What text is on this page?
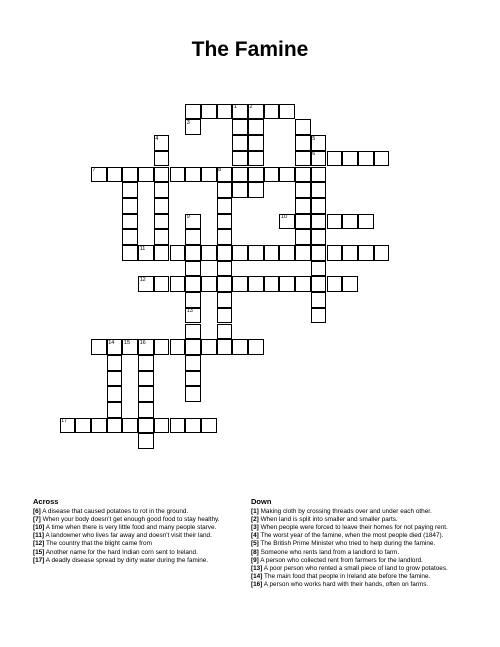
The Famine
1 2
3
4	5
6
7	8
9	10
11
12
13
14 15 16
17
Across
[6] A disease that caused potatoes to rot in the ground.
[7] When your body doesn't get enough good food to stay healthy.
[10] A time when there is very little food and many people starve.
[11] A landowner who lives far away and doesn't visit their land.
[12] The country that the blight came from
[15] Another name for the hard Indian corn sent to Ireland.
[17] A deadly disease spread by dirty water during the famine.
Down
[1] Making cloth by crossing threads over and under each other.
[2] When land is split into smaller and smaller parts.
[3] When people were forced to leave their homes for not paying rent.
[4] The worst year of the famine, when the most people died (1847).
[5] The British Prime Minister who tried to help during the famine.
[8] Someone who rents land from a landlord to farm.
[9] A person who collected rent from farmers for the landlord.
[13] A poor person who rented a small piece of land to grow potatoes.
[14] The main food that people in Ireland ate before the famine.
[16] A person who works hard with their hands, often on farms.
